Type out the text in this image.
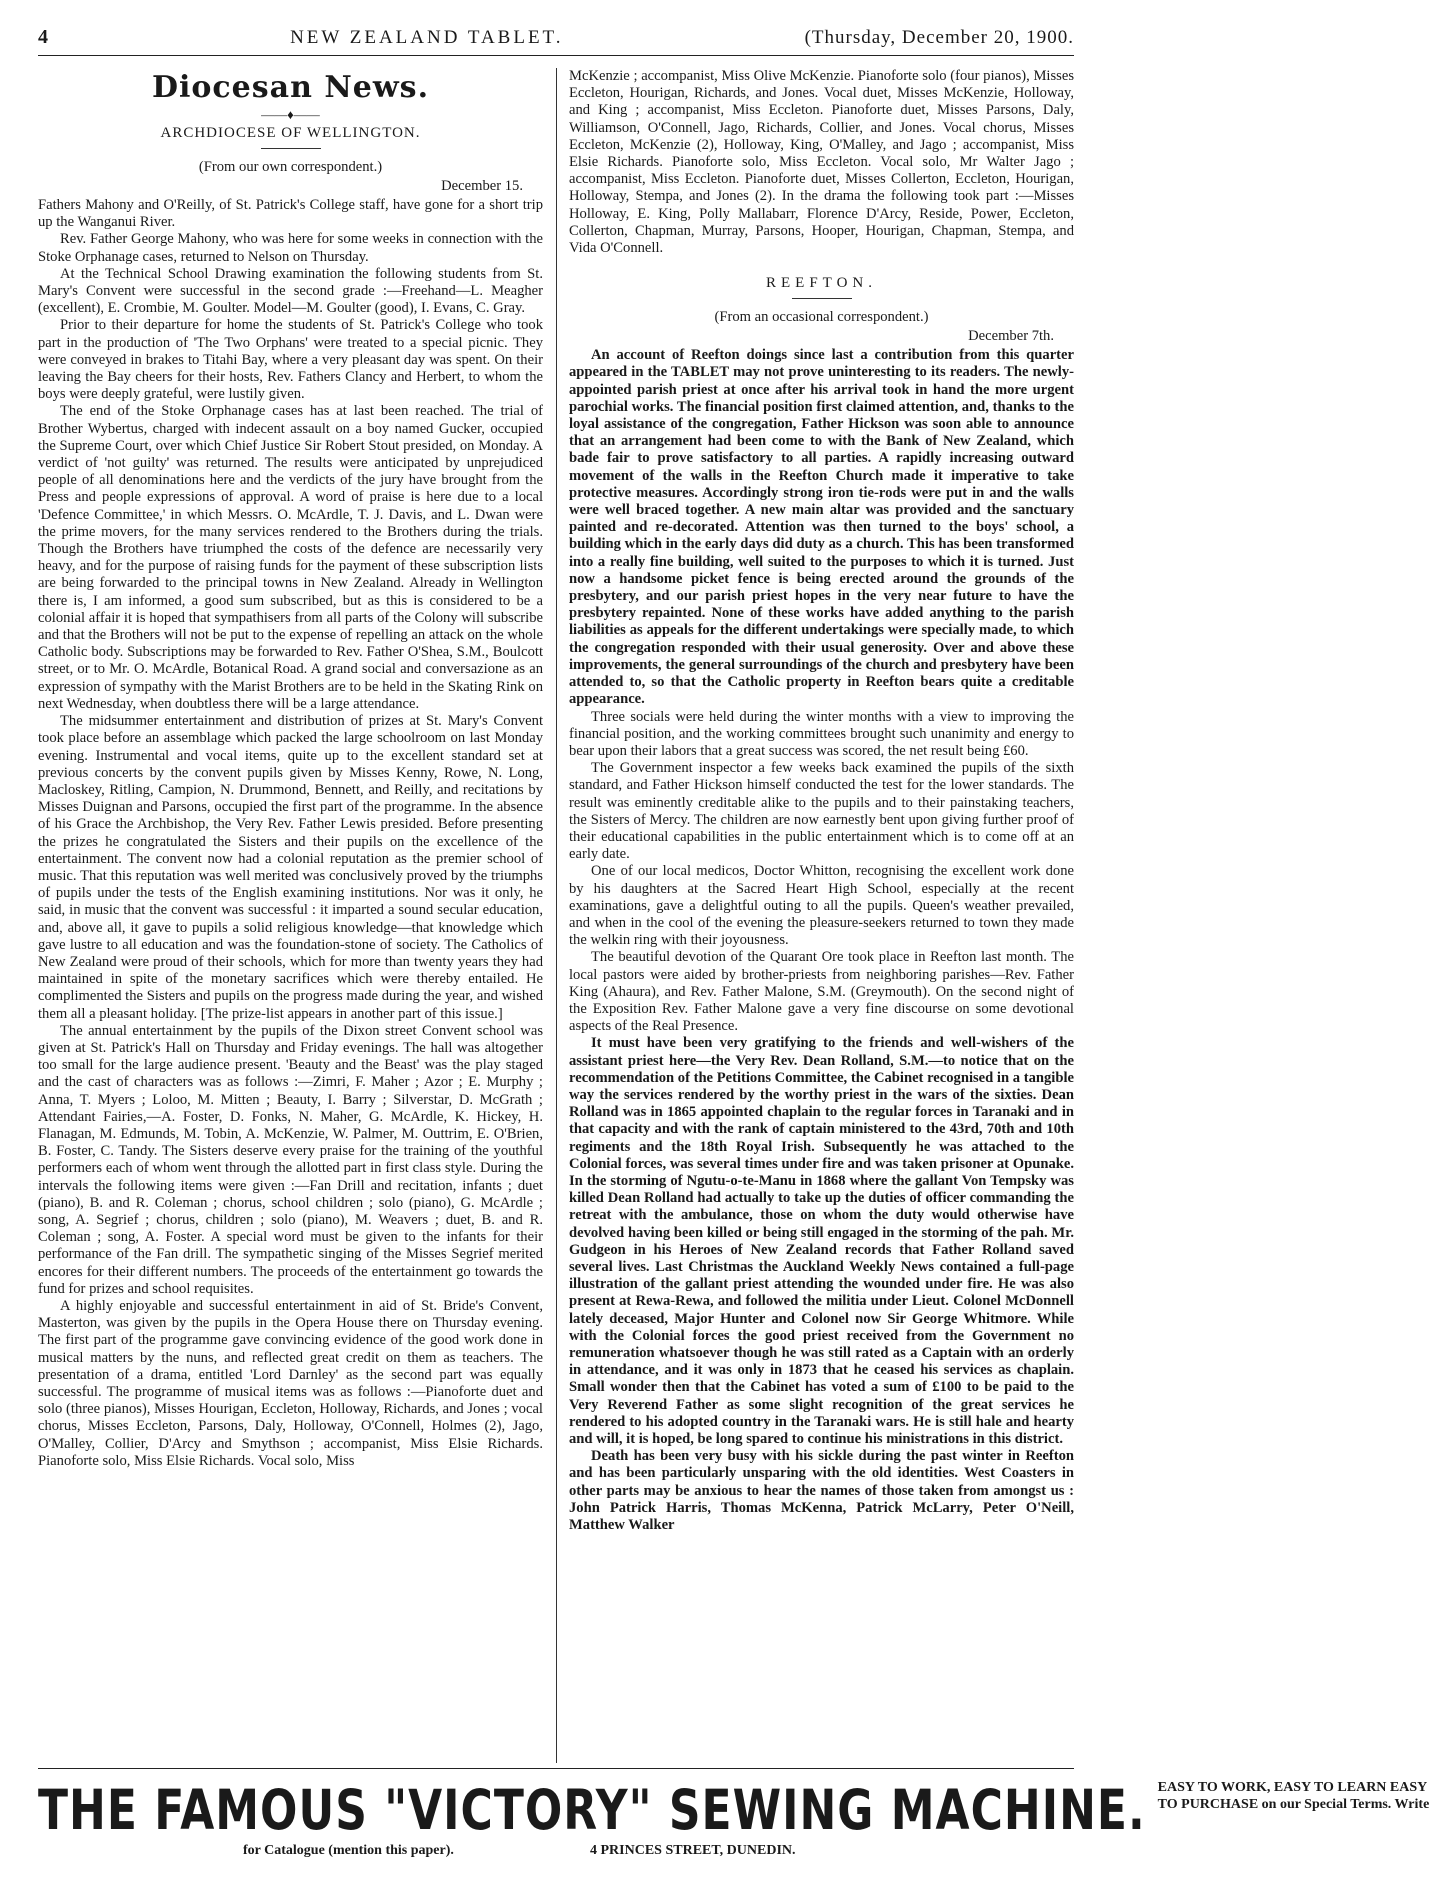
4	NEW ZEALAND TABLET.	(Thursday, December 20, 1900.
Diocesan News.
——♦——
ARCHDIOCESE OF WELLINGTON.
(From our own correspondent.)
December 15.

Fathers Mahony and O'Reilly, of St. Patrick's College staff, have gone for a short trip up the Wanganui River.

Rev. Father George Mahony, who was here for some weeks in connection with the Stoke Orphanage cases, returned to Nelson on Thursday.

At the Technical School Drawing examination the following students from St. Mary's Convent were successful in the second grade :—Freehand—L. Meagher (excellent), E. Crombie, M. Goulter. Model—M. Goulter (good), I. Evans, C. Gray.

Prior to their departure for home the students of St. Patrick's College who took part in the production of 'The Two Orphans' were treated to a special picnic. They were conveyed in brakes to Titahi Bay, where a very pleasant day was spent. On their leaving the Bay cheers for their hosts, Rev. Fathers Clancy and Herbert, to whom the boys were deeply grateful, were lustily given.

The end of the Stoke Orphanage cases has at last been reached. The trial of Brother Wybertus, charged with indecent assault on a boy named Gucker, occupied the Supreme Court, over which Chief Justice Sir Robert Stout presided, on Monday. A verdict of 'not guilty' was returned. The results were anticipated by unprejudiced people of all denominations here and the verdicts of the jury have brought from the Press and people expressions of approval. A word of praise is here due to a local 'Defence Committee,' in which Messrs. O. McArdle, T. J. Davis, and L. Dwan were the prime movers, for the many services rendered to the Brothers during the trials. Though the Brothers have triumphed the costs of the defence are necessarily very heavy, and for the purpose of raising funds for the payment of these subscription lists are being forwarded to the principal towns in New Zealand. Already in Wellington there is, I am informed, a good sum subscribed, but as this is considered to be a colonial affair it is hoped that sympathisers from all parts of the Colony will subscribe and that the Brothers will not be put to the expense of repelling an attack on the whole Catholic body. Subscriptions may be forwarded to Rev. Father O'Shea, S.M., Boulcott street, or to Mr. O. McArdle, Botanical Road. A grand social and conversazione as an expression of sympathy with the Marist Brothers are to be held in the Skating Rink on next Wednesday, when doubtless there will be a large attendance.

The midsummer entertainment and distribution of prizes at St. Mary's Convent took place before an assemblage which packed the large schoolroom on last Monday evening. Instrumental and vocal items, quite up to the excellent standard set at previous concerts by the convent pupils given by Misses Kenny, Rowe, N. Long, Macloskey, Ritling, Campion, N. Drummond, Bennett, and Reilly, and recitations by Misses Duignan and Parsons, occupied the first part of the programme. In the absence of his Grace the Archbishop, the Very Rev. Father Lewis presided. Before presenting the prizes he congratulated the Sisters and their pupils on the excellence of the entertainment. The convent now had a colonial reputation as the premier school of music. That this reputation was well merited was conclusively proved by the triumphs of pupils under the tests of the English examining institutions. Nor was it only, he said, in music that the convent was successful : it imparted a sound secular education, and, above all, it gave to pupils a solid religious knowledge—that knowledge which gave lustre to all education and was the foundation-stone of society. The Catholics of New Zealand were proud of their schools, which for more than twenty years they had maintained in spite of the monetary sacrifices which were thereby entailed. He complimented the Sisters and pupils on the progress made during the year, and wished them all a pleasant holiday. [The prize-list appears in another part of this issue.]

The annual entertainment by the pupils of the Dixon street Convent school was given at St. Patrick's Hall on Thursday and Friday evenings. The hall was altogether too small for the large audience present. 'Beauty and the Beast' was the play staged and the cast of characters was as follows :—Zimri, F. Maher ; Azor ; E. Murphy ; Anna, T. Myers ; Loloo, M. Mitten ; Beauty, I. Barry ; Silverstar, D. McGrath ; Attendant Fairies,—A. Foster, D. Fonks, N. Maher, G. McArdle, K. Hickey, H. Flanagan, M. Edmunds, M. Tobin, A. McKenzie, W. Palmer, M. Outtrim, E. O'Brien, B. Foster, C. Tandy. The Sisters deserve every praise for the training of the youthful performers each of whom went through the allotted part in first class style. During the intervals the following items were given :—Fan Drill and recitation, infants ; duet (piano), B. and R. Coleman ; chorus, school children ; solo (piano), G. McArdle ; song, A. Segrief ; chorus, children ; solo (piano), M. Weavers ; duet, B. and R. Coleman ; song, A. Foster. A special word must be given to the infants for their performance of the Fan drill. The sympathetic singing of the Misses Segrief merited encores for their different numbers. The proceeds of the entertainment go towards the fund for prizes and school requisites.

A highly enjoyable and successful entertainment in aid of St. Bride's Convent, Masterton, was given by the pupils in the Opera House there on Thursday evening. The first part of the programme gave convincing evidence of the good work done in musical matters by the nuns, and reflected great credit on them as teachers. The presentation of a drama, entitled 'Lord Darnley' as the second part was equally successful. The programme of musical items was as follows :—Pianoforte duet and solo (three pianos), Misses Hourigan, Eccleton, Holloway, Richards, and Jones ; vocal chorus, Misses Eccleton, Parsons, Daly, Holloway, O'Connell, Holmes (2), Jago, O'Malley, Collier, D'Arcy and Smythson ; accompanist, Miss Elsie Richards. Pianoforte solo, Miss Elsie Richards. Vocal solo, Miss

McKenzie ; accompanist, Miss Olive McKenzie. Pianoforte solo (four pianos), Misses Eccleton, Hourigan, Richards, and Jones. Vocal duet, Misses McKenzie, Holloway, and King ; accompanist, Miss Eccleton. Pianoforte duet, Misses Parsons, Daly, Williamson, O'Connell, Jago, Richards, Collier, and Jones. Vocal chorus, Misses Eccleton, McKenzie (2), Holloway, King, O'Malley, and Jago ; accompanist, Miss Elsie Richards. Pianoforte solo, Miss Eccleton. Vocal solo, Mr Walter Jago ; accompanist, Miss Eccleton. Pianoforte duet, Misses Collerton, Eccleton, Hourigan, Holloway, Stempa, and Jones (2). In the drama the following took part :—Misses Holloway, E. King, Polly Mallabarr, Florence D'Arcy, Reside, Power, Eccleton, Collerton, Chapman, Murray, Parsons, Hooper, Hourigan, Chapman, Stempa, and Vida O'Connell.

REEFTON.
(From an occasional correspondent.)
December 7th.

An account of Reefton doings since last a contribution from this quarter appeared in the TABLET may not prove uninteresting to its readers. The newly-appointed parish priest at once after his arrival took in hand the more urgent parochial works. The financial position first claimed attention, and, thanks to the loyal assistance of the congregation, Father Hickson was soon able to announce that an arrangement had been come to with the Bank of New Zealand, which bade fair to prove satisfactory to all parties. A rapidly increasing outward movement of the walls in the Reefton Church made it imperative to take protective measures. Accordingly strong iron tie-rods were put in and the walls were well braced together. A new main altar was provided and the sanctuary painted and re-decorated. Attention was then turned to the boys' school, a building which in the early days did duty as a church. This has been transformed into a really fine building, well suited to the purposes to which it is turned. Just now a handsome picket fence is being erected around the grounds of the presbytery, and our parish priest hopes in the very near future to have the presbytery repainted. None of these works have added anything to the parish liabilities as appeals for the different undertakings were specially made, to which the congregation responded with their usual generosity. Over and above these improvements, the general surroundings of the church and presbytery have been attended to, so that the Catholic property in Reefton bears quite a creditable appearance.

Three socials were held during the winter months with a view to improving the financial position, and the working committees brought such unanimity and energy to bear upon their labors that a great success was scored, the net result being £60.

The Government inspector a few weeks back examined the pupils of the sixth standard, and Father Hickson himself conducted the test for the lower standards. The result was eminently creditable alike to the pupils and to their painstaking teachers, the Sisters of Mercy. The children are now earnestly bent upon giving further proof of their educational capabilities in the public entertainment which is to come off at an early date.

One of our local medicos, Doctor Whitton, recognising the excellent work done by his daughters at the Sacred Heart High School, especially at the recent examinations, gave a delightful outing to all the pupils. Queen's weather prevailed, and when in the cool of the evening the pleasure-seekers returned to town they made the welkin ring with their joyousness.

The beautiful devotion of the Quarant Ore took place in Reefton last month. The local pastors were aided by brother-priests from neighboring parishes—Rev. Father King (Ahaura), and Rev. Father Malone, S.M. (Greymouth). On the second night of the Exposition Rev. Father Malone gave a very fine discourse on some devotional aspects of the Real Presence.

It must have been very gratifying to the friends and well-wishers of the assistant priest here—the Very Rev. Dean Rolland, S.M.—to notice that on the recommendation of the Petitions Committee, the Cabinet recognised in a tangible way the services rendered by the worthy priest in the wars of the sixties. Dean Rolland was in 1865 appointed chaplain to the regular forces in Taranaki and in that capacity and with the rank of captain ministered to the 43rd, 70th and 10th regiments and the 18th Royal Irish. Subsequently he was attached to the Colonial forces, was several times under fire and was taken prisoner at Opunake. In the storming of Ngutu-o-te-Manu in 1868 where the gallant Von Tempsky was killed Dean Rolland had actually to take up the duties of officer commanding the retreat with the ambulance, those on whom the duty would otherwise have devolved having been killed or being still engaged in the storming of the pah. Mr. Gudgeon in his Heroes of New Zealand records that Father Rolland saved several lives. Last Christmas the Auckland Weekly News contained a full-page illustration of the gallant priest attending the wounded under fire. He was also present at Rewa-Rewa, and followed the militia under Lieut. Colonel McDonnell lately deceased, Major Hunter and Colonel now Sir George Whitmore. While with the Colonial forces the good priest received from the Government no remuneration whatsoever though he was still rated as a Captain with an orderly in attendance, and it was only in 1873 that he ceased his services as chaplain. Small wonder then that the Cabinet has voted a sum of £100 to be paid to the Very Reverend Father as some slight recognition of the great services he rendered to his adopted country in the Taranaki wars. He is still hale and hearty and will, it is hoped, be long spared to continue his ministrations in this district.

Death has been very busy with his sickle during the past winter in Reefton and has been particularly unsparing with the old identities. West Coasters in other parts may be anxious to hear the names of those taken from amongst us : John Patrick Harris, Thomas McKenna, Patrick McLarry, Peter O'Neill, Matthew Walker

THE FAMOUS "VICTORY" SEWING MACHINE. EASY TO WORK, EASY TO LEARN EASY
TO PURCHASE on our Special Terms. Write
for Catalogue (mention this paper).	4 PRINCES STREET, DUNEDIN.
